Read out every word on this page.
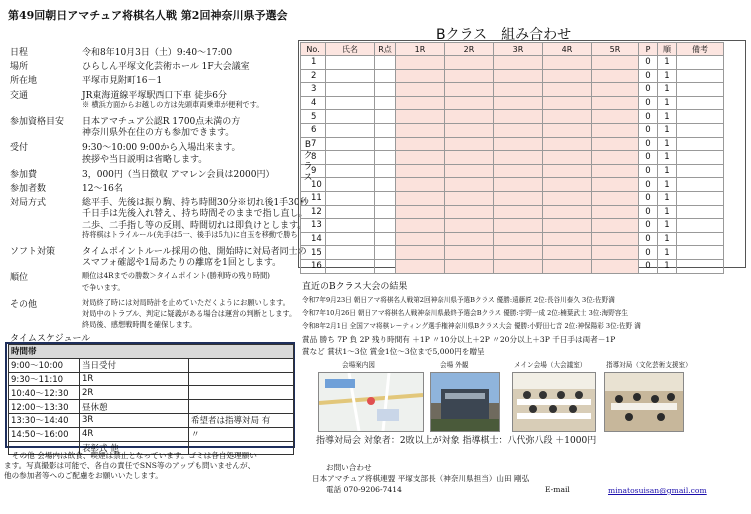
第49回朝日アマチュア将棋名人戦 第2回神奈川県予選会
日程	令和8年10月3日（土）9:40～17:00
場所	ひらしん平塚文化芸術ホール 1F大会議室
所在地	平塚市見附町16－1
交通	JR東海道線平塚駅西口下車 徒歩6分
※ 横浜方面からお越しの方は先頭車両乗車が便利です。
参加資格目安 日本アマチュア公認R 1700点未満の方
神奈川県外在住の方も参加できます。
受付	9:30～10:00 9:00から入場出来ます。
挨拶や当日説明は省略します。
参加費	3，000円（当日徴収 アマレン会員は2000円）
参加者数	12～16名
対局方式	総平手、先後は振り駒、持ち時間30分※切れ後1手30秒
千日手は先後入れ替え、持ち時間そのままで指し直し。
二歩、二手指し等の反則、時間切れは即負けとします。
持将棋はトライルール(先手は5一、後手は5九)に自玉を移動で勝ち
ソフト対策	タイムポイントルール採用の他、開始時に対局者同士の
スマフォ確認や1局あたりの離席を1回とします。
順位	順位は4Rまでの勝数＞タイムポイント(勝利時の残り時間)
で争います。
その他	対局終了時には対局時計を止めていただくようにお願いします。
対局中のトラブル、判定に疑義がある場合は運営の判断とします。
終局後、感想戦時間を確保します。
タイムスケジュール
時間帯		
9:00～10:00	当日受付	
9:30～11:10	1R	
10:40～12:30	2R	
12:00～13:30	昼休憩	
13:30～14:40	3R	希望者は指導対局 有
14:50～16:00	4R	〃
	表彰式 他	
その他 会場内は飲食、喫煙は禁止となっています。ゴミは各自処理願い
ます。写真撮影は可能で、各自の責任でSNS等のアップも問いませんが、
他の参加者等へのご配慮をお願いいたします。
Bクラス　組み合わせ
No.	氏名	R点	1R	2R	3R	4R	5R	P	順	備考
1								0	1	
2								0	1	
3								0	1	
4								0	1	
5								0	1	
6								0	1	
7								0	1	
8								0	1	
9								0	1	
10								0	1	
11								0	1	
12								0	1	
13								0	1	
14								0	1	
15								0	1	
16								0	1	
B
ク
ラ
ス
直近のBクラス大会の結果
令和7年9月23日 朝日アマ将棋名人戦第2回神奈川県予選Bクラス 優勝:遠藤匠 2位:長谷川泰久 3位:佐野満
令和7年10月26日 朝日アマ将棋名人戦神奈川県最終予選会Bクラス 優勝:宇野一成 2位:楠葉武士 3位:海野容生
令和8年2月1日 全国アマ将棋レーティング選手権神奈川県Bクラス大会 優勝:小野田七音 2位:神保陽彩 3位:佐野 満
賞品 勝ち 7P 負 2P 残り時間有 ＋1P 〃10分以上＋2P 〃20分以上＋3P 千日手は両者－1P
賞など 賞状1～3位 賞金1位～3位まで5,000円を贈呈
会場案内図	会場 外観	メイン会場（大会議室）	指導対局（文化芸術支援室）
指導対局会 対象者：2敗以上が対象 指導棋士：八代弥八段 ＋1000円
お問い合わせ
日本アマチュア将棋連盟 平塚支部長（神奈川県担当）山田 剛弘
電話 070-9206-7414	E-mail	minatosuisan@gmail.com
